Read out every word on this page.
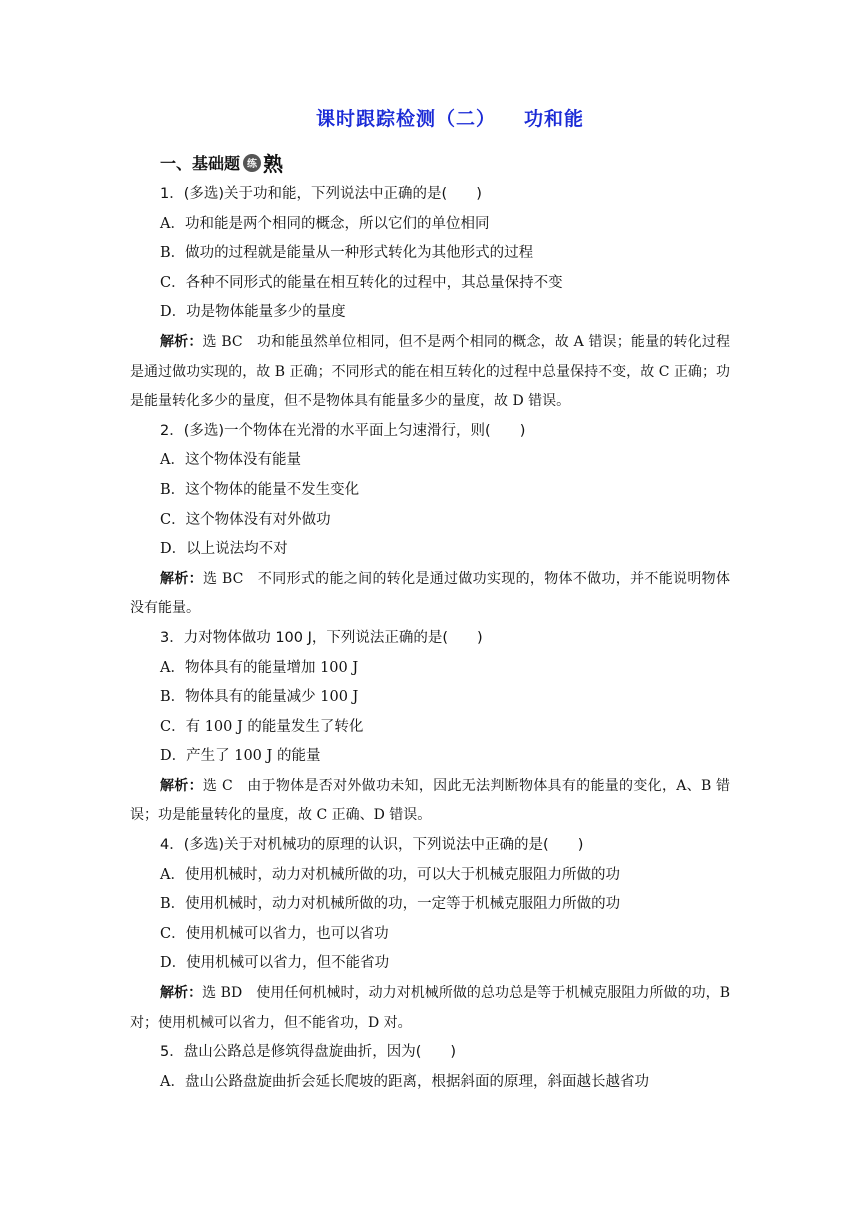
课时跟踪检测（二） 功和能
一、基础题 练 熟
1．(多选)关于功和能，下列说法中正确的是(　　)
A．功和能是两个相同的概念，所以它们的单位相同
B．做功的过程就是能量从一种形式转化为其他形式的过程
C．各种不同形式的能量在相互转化的过程中，其总量保持不变
D．功是物体能量多少的量度
解析：选 BC　功和能虽然单位相同，但不是两个相同的概念，故 A 错误；能量的转化过程是通过做功实现的，故 B 正确；不同形式的能在相互转化的过程中总量保持不变，故 C 正确；功是能量转化多少的量度，但不是物体具有能量多少的量度，故 D 错误。
2．(多选)一个物体在光滑的水平面上匀速滑行，则(　　)
A．这个物体没有能量
B．这个物体的能量不发生变化
C．这个物体没有对外做功
D．以上说法均不对
解析：选 BC　不同形式的能之间的转化是通过做功实现的，物体不做功，并不能说明物体没有能量。
3．力对物体做功 100 J，下列说法正确的是(　　)
A．物体具有的能量增加 100 J
B．物体具有的能量减少 100 J
C．有 100 J 的能量发生了转化
D．产生了 100 J 的能量
解析：选 C　由于物体是否对外做功未知，因此无法判断物体具有的能量的变化，A、B 错误；功是能量转化的量度，故 C 正确、D 错误。
4．(多选)关于对机械功的原理的认识，下列说法中正确的是(　　)
A．使用机械时，动力对机械所做的功，可以大于机械克服阻力所做的功
B．使用机械时，动力对机械所做的功，一定等于机械克服阻力所做的功
C．使用机械可以省力，也可以省功
D．使用机械可以省力，但不能省功
解析：选 BD　使用任何机械时，动力对机械所做的总功总是等于机械克服阻力所做的功，B 对；使用机械可以省力，但不能省功，D 对。
5．盘山公路总是修筑得盘旋曲折，因为(　　)
A．盘山公路盘旋曲折会延长爬坡的距离，根据斜面的原理，斜面越长越省功
